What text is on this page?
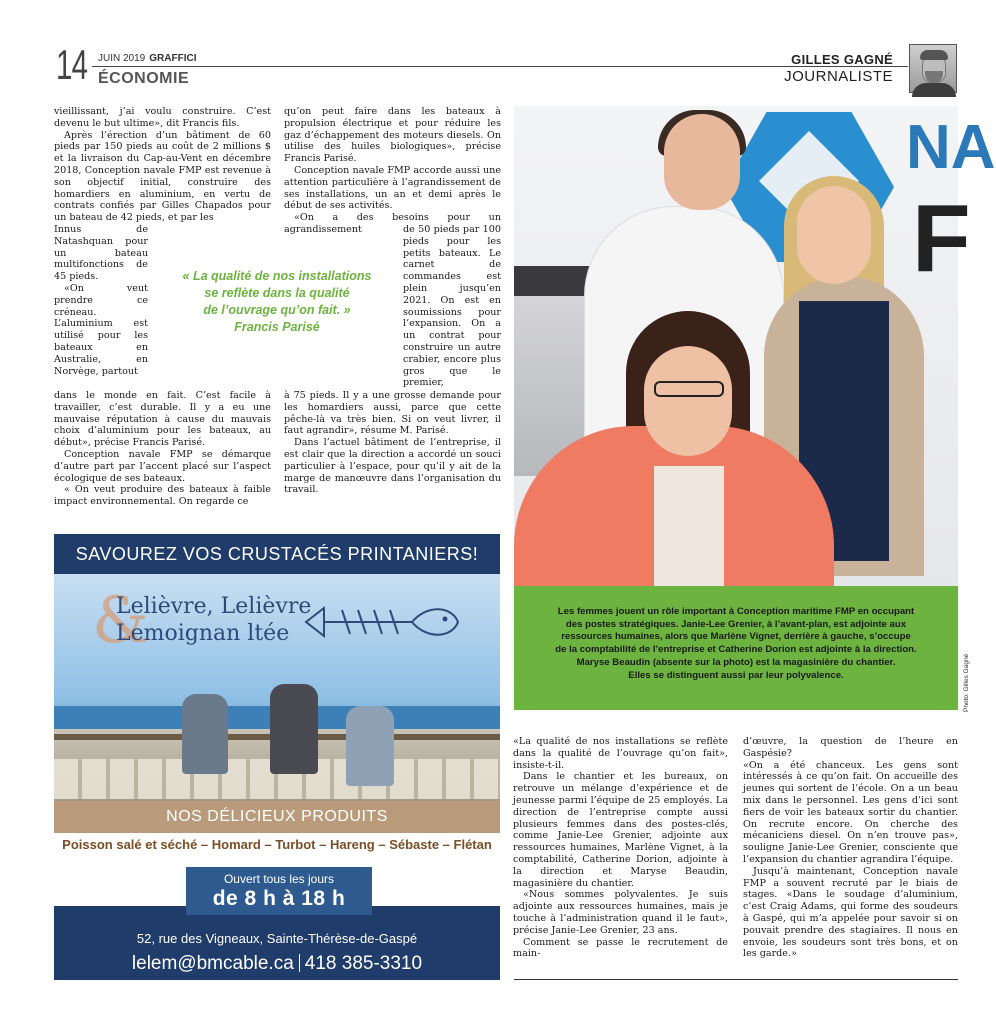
14 JUIN 2019 GRAFFICI
ÉCONOMIE
GILLES GAGNÉ
JOURNALISTE

vieillissant, j’ai voulu construire. C’est devenu le but ultime», dit Francis fils.

Après l’érection d’un bâtiment de 60 pieds par 150 pieds au coût de 2 millions $ et la livraison du Cap-au-Vent en décembre 2018, Conception navale FMP est revenue à son objectif initial, construire des homardiers en aluminium, en vertu de contrats confiés par Gilles Chapados pour un bateau de 42 pieds, et par les

Innus de Natashquan pour un bateau multifonctions de 45 pieds.

«On veut prendre ce créneau. L’aluminium est utilisé pour les bateaux en Australie, en Norvège, partout

dans le monde en fait. C’est facile à travailler, c’est durable. Il y a eu une mauvaise réputation à cause du mauvais choix d’aluminium pour les bateaux, au début», précise Francis Parisé.

Conception navale FMP se démarque d’autre part par l’accent placé sur l’aspect écologique de ses bateaux.

« On veut produire des bateaux à faible impact environnemental. On regarde ce

qu’on peut faire dans les bateaux à propulsion électrique et pour réduire les gaz d’échappement des moteurs diesels. On utilise des huiles biologiques», précise Francis Parisé.

Conception navale FMP accorde aussi une attention particulière à l’agrandissement de ses installations, un an et demi après le début de ses activités.

«On a des besoins pour un agrandissement	de 50 pieds par 100 pieds pour les petits bateaux. Le carnet de commandes est plein jusqu’en 2021. On est en soumissions pour l’expansion. On a un contrat pour construire un autre crabier, encore plus gros que le premier,

à 75 pieds. Il y a une grosse demande pour les homardiers aussi, parce que cette pêche-là va très bien. Si on veut livrer, il faut agrandir», résume M. Parisé.

Dans l’actuel bâtiment de l’entreprise, il est clair que la direction a accordé un souci particulier à l’espace, pour qu’il y ait de la marge de manœuvre dans l’organisation du travail.

« La qualité de nos installations
se reflète dans la qualité
de l’ouvrage qu’on fait. »
Francis Parisé
NA
F
Les femmes jouent un rôle important à Conception maritime FMP en occupant
des postes stratégiques. Janie-Lee Grenier, à l’avant-plan, est adjointe aux
ressources humaines, alors que Marlène Vignet, derrière à gauche, s’occupe
de la comptabilité de l’entreprise et Catherine Dorion est adjointe à la direction.
Maryse Beaudin (absente sur la photo) est la magasinière du chantier.
Elles se distinguent aussi par leur polyvalence.	Photo: Gilles Gagné

«La qualité de nos installations se reflète dans la qualité de l’ouvrage qu’on fait», insiste-t-il.

Dans le chantier et les bureaux, on retrouve un mélange d’expérience et de jeunesse parmi l’équipe de 25 employés. La direction de l’entreprise compte aussi plusieurs femmes dans des postes-clés, comme Janie-Lee Grenier, adjointe aux ressources humaines, Marlène Vignet, à la comptabilité, Catherine Dorion, adjointe à la direction et Maryse Beaudin, magasinière du chantier.

«Nous sommes polyvalentes. Je suis adjointe aux ressources humaines, mais je touche à l’administration quand il le faut», précise Janie-Lee Grenier, 23 ans.

Comment se passe le recrutement de main-

d’œuvre, la question de l’heure en Gaspésie?

«On a été chanceux. Les gens sont intéressés à ce qu’on fait. On accueille des jeunes qui sortent de l’école. On a un beau mix dans le personnel. Les gens d’ici sont fiers de voir les bateaux sortir du chantier. On recrute encore. On cherche des mécaniciens diesel. On n’en trouve pas», souligne Janie-Lee Grenier, consciente que l’expansion du chantier agrandira l’équipe.

Jusqu’à maintenant, Conception navale FMP a souvent recruté par le biais de stages. «Dans le soudage d’aluminium, c’est Craig Adams, qui forme des soudeurs à Gaspé, qui m’a appelée pour savoir si on pouvait prendre des stagiaires. Il nous en envoie, les soudeurs sont très bons, et on les garde.»

SAVOUREZ VOS CRUSTACÉS PRINTANIERS!
&
Lelièvre, Lelièvre
Lemoignan ltée
NOS DÉLICIEUX PRODUITS
Poisson salé et séché – Homard – Turbot – Hareng – Sébaste – Flétan
52, rue des Vigneaux, Sainte-Thérèse-de-Gaspé
lelem@bmcable.ca 418 385-3310
Ouvert tous les jours
de 8 h à 18 h
